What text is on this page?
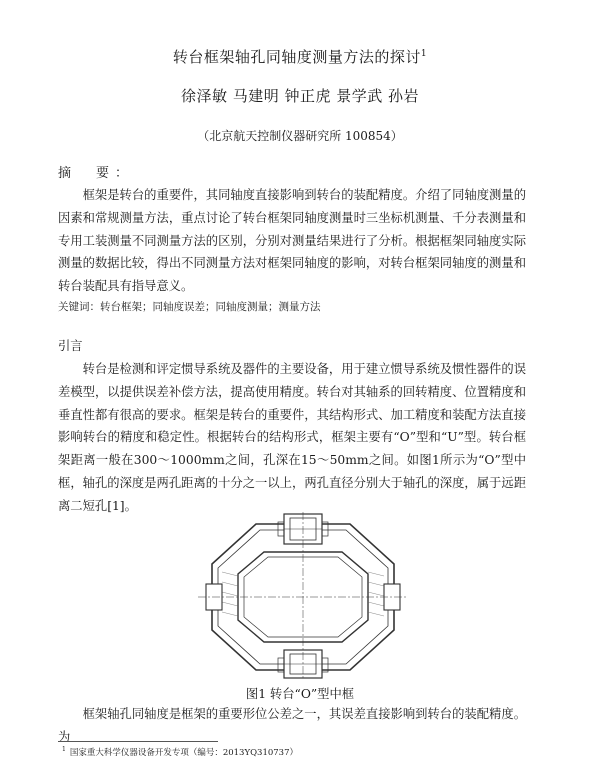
转台框架轴孔同轴度测量方法的探讨$^1$
徐泽敏 马建明 钟正虎 景学武 孙岩
（北京航天控制仪器研究所 100854）
摘　要：

框架是转台的重要件，其同轴度直接影响到转台的装配精度。介绍了同轴度测量的因素和常规测量方法，重点讨论了转台框架同轴度测量时三坐标机测量、千分表测量和专用工装测量不同测量方法的区别，分别对测量结果进行了分析。根据框架同轴度实际测量的数据比较，得出不同测量方法对框架同轴度的影响，对转台框架同轴度的测量和转台装配具有指导意义。

关键词：转台框架；同轴度误差；同轴度测量；测量方法
引言

转台是检测和评定惯导系统及器件的主要设备，用于建立惯导系统及惯性器件的误差模型，以提供误差补偿方法，提高使用精度。转台对其轴系的回转精度、位置精度和垂直性都有很高的要求。框架是转台的重要件，其结构形式、加工精度和装配方法直接影响转台的精度和稳定性。根据转台的结构形式，框架主要有“O”型和“U”型。转台框架距离一般在300～1000mm之间，孔深在15～50mm之间。如图1所示为“O”型中框，轴孔的深度是两孔距离的十分之一以上，两孔直径分别大于轴孔的深度，属于远距离二短孔[1]。

图1 转台“O”型中框

框架轴孔同轴度是框架的重要形位公差之一，其误差直接影响到转台的装配精度。为

$^1$ 国家重大科学仪器设备开发专项（编号：2013YQ310737）
